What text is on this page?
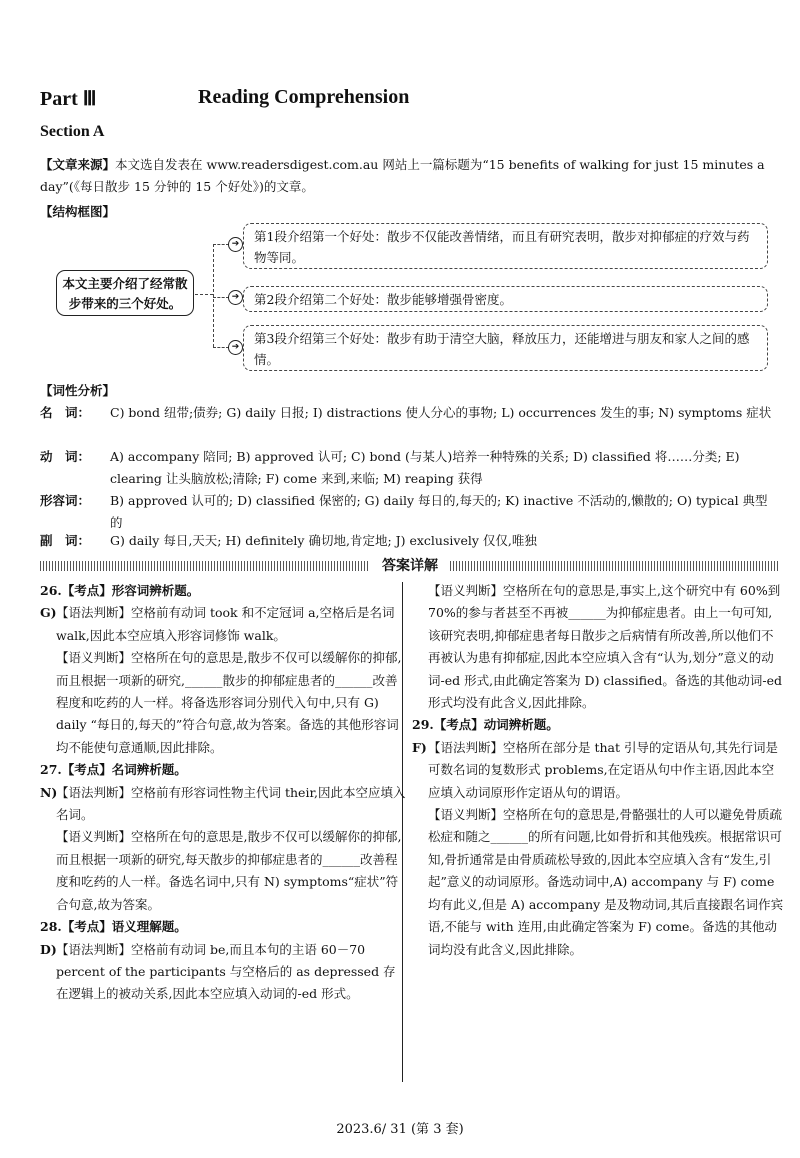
Part Ⅲ	Reading Comprehension
Section A
【文章来源】本文选自发表在 www.readersdigest.com.au 网站上一篇标题为“15 benefits of walking for just 15 minutes a day”(《每日散步 15 分钟的 15 个好处》)的文章。
【结构框图】
本文主要介绍了经常散步带来的三个好处。
➔
➔
➔
第1段介绍第一个好处：散步不仅能改善情绪，而且有研究表明，散步对抑郁症的疗效与药物等同。
第2段介绍第二个好处：散步能够增强骨密度。
第3段介绍第三个好处：散步有助于清空大脑，释放压力，还能增进与朋友和家人之间的感情。
【词性分析】
名　词：	C) bond 纽带;债券; G) daily 日报; I) distractions 使人分心的事物; L) occurrences 发生的事; N) symptoms 症状
动　词：	A) accompany 陪同; B) approved 认可; C) bond (与某人)培养一种特殊的关系; D) classified 将……分类; E) clearing 让头脑放松;清除; F) come 来到,来临; M) reaping 获得
形容词：	B) approved 认可的; D) classified 保密的; G) daily 每日的,每天的; K) inactive 不活动的,懒散的; O) typical 典型的
副　词：	G) daily 每日,天天; H) definitely 确切地,肯定地; J) exclusively 仅仅,唯独
答案详解
26.【考点】形容词辨析题。
G) 【语法判断】空格前有动词 took 和不定冠词 a,空格后是名词 walk,因此本空应填入形容词修饰 walk。
【语义判断】空格所在句的意思是,散步不仅可以缓解你的抑郁,而且根据一项新的研究,______散步的抑郁症患者的______改善程度和吃药的人一样。将备选形容词分别代入句中,只有 G) daily “每日的,每天的”符合句意,故为答案。备选的其他形容词均不能使句意通顺,因此排除。
27.【考点】名词辨析题。
N)
【语法判断】空格前有形容词性物主代词 their,因此本空应填入名词。
【语义判断】空格所在句的意思是,散步不仅可以缓解你的抑郁,而且根据一项新的研究,每天散步的抑郁症患者的______改善程度和吃药的人一样。备选名词中,只有 N) symptoms“症状”符合句意,故为答案。
28.【考点】语义理解题。
D) 【语法判断】空格前有动词 be,而且本句的主语 60－70 percent of the participants 与空格后的 as depressed 存在逻辑上的被动关系,因此本空应填入动词的-ed 形式。
【语义判断】空格所在句的意思是,事实上,这个研究中有 60%到 70%的参与者甚至不再被______为抑郁症患者。由上一句可知,该研究表明,抑郁症患者每日散步之后病情有所改善,所以他们不再被认为患有抑郁症,因此本空应填入含有“认为,划分”意义的动词-ed 形式,由此确定答案为 D) classified。备选的其他动词-ed 形式均没有此含义,因此排除。
29.【考点】动词辨析题。
F) 【语法判断】空格所在部分是 that 引导的定语从句,其先行词是可数名词的复数形式 problems,在定语从句中作主语,因此本空应填入动词原形作定语从句的谓语。
【语义判断】空格所在句的意思是,骨骼强壮的人可以避免骨质疏松症和随之______的所有问题,比如骨折和其他残疾。根据常识可知,骨折通常是由骨质疏松导致的,因此本空应填入含有“发生,引起”意义的动词原形。备选动词中,A) accompany 与 F) come 均有此义,但是 A) accompany 是及物动词,其后直接跟名词作宾语,不能与 with 连用,由此确定答案为 F) come。备选的其他动词均没有此含义,因此排除。
2023.6/ 31 (第 3 套)
